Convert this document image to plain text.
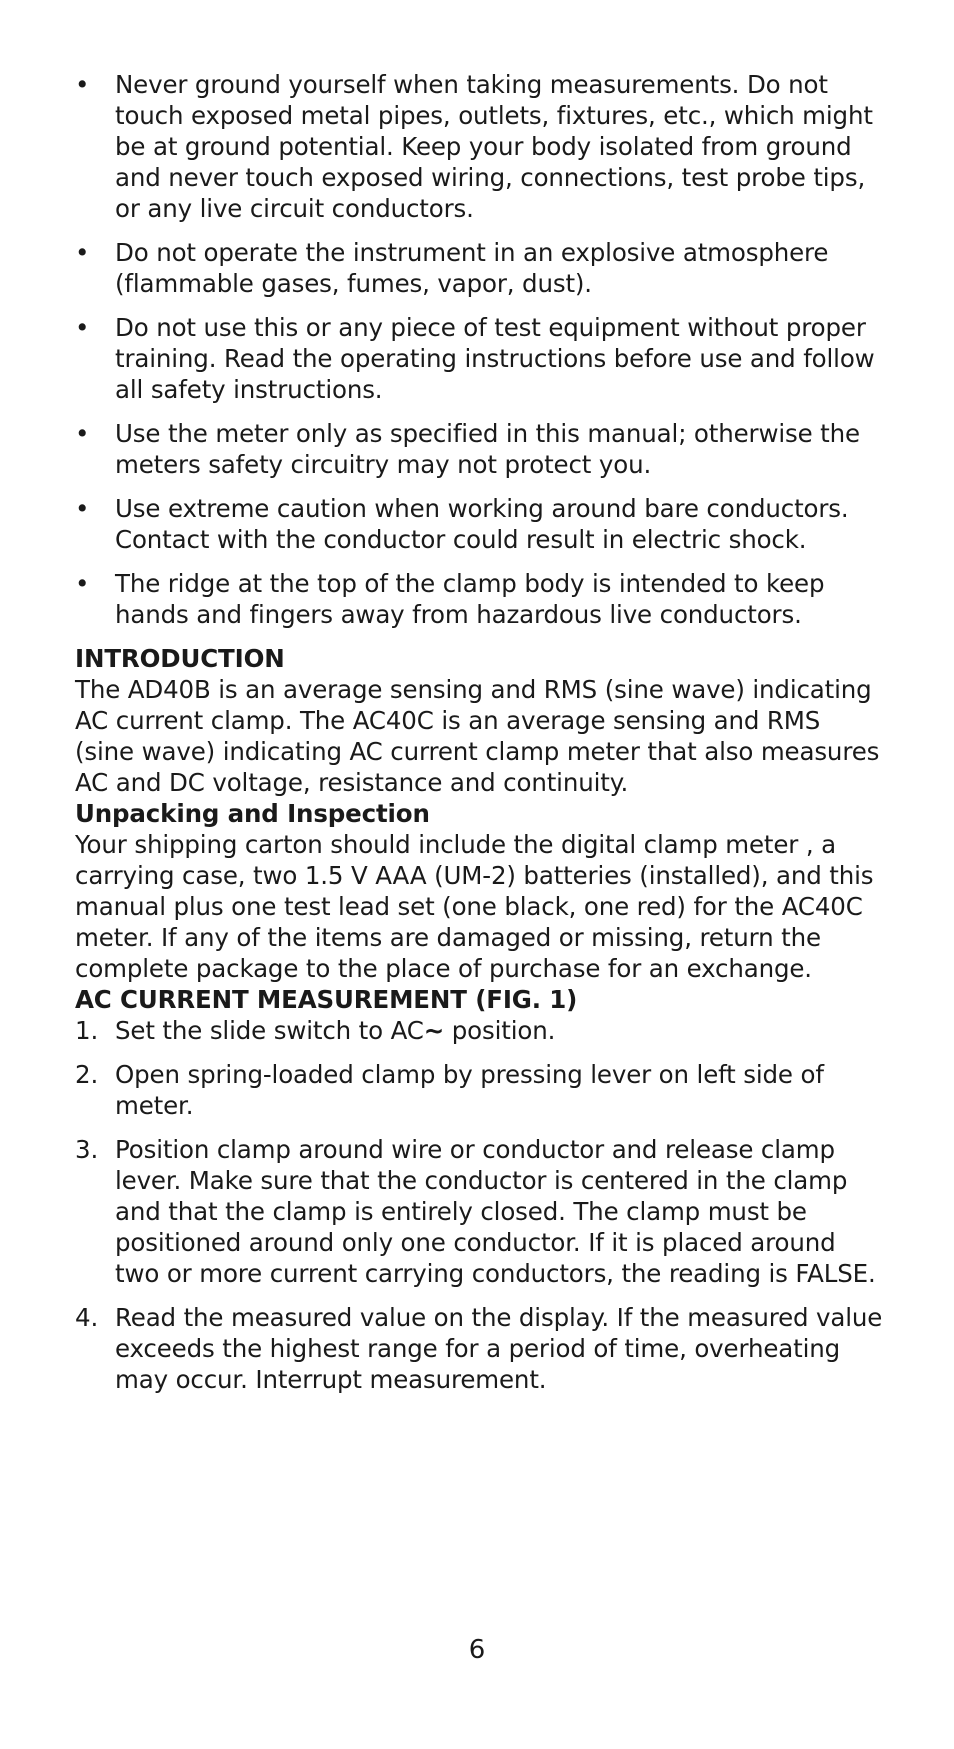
• Never ground yourself when taking measurements. Do not touch exposed metal pipes, outlets, fixtures, etc., which might be at ground potential. Keep your body isolated from ground and never touch exposed wiring, connections, test probe tips, or any live circuit conductors.
• Do not operate the instrument in an explosive atmosphere (flammable gases, fumes, vapor, dust).
• Do not use this or any piece of test equipment without proper training. Read the operating instructions before use and follow all safety instructions.
• Use the meter only as specified in this manual; otherwise the meters safety circuitry may not protect you.
• Use extreme caution when working around bare conductors. Contact with the conductor could result in electric shock.
• The ridge at the top of the clamp body is intended to keep hands and fingers away from hazardous live conductors.
INTRODUCTION

The AD40B is an average sensing and RMS (sine wave) indicating AC current clamp. The AC40C is an average sensing and RMS (sine wave) indicating AC current clamp meter that also measures AC and DC voltage, resistance and continuity.

Unpacking and Inspection

Your shipping carton should include the digital clamp meter , a carrying case, two 1.5 V AAA (UM-2) batteries (installed), and this manual plus one test lead set (one black, one red) for the AC40C meter. If any of the items are damaged or missing, return the complete package to the place of purchase for an exchange.

AC CURRENT MEASUREMENT (FIG. 1)
1. Set the slide switch to AC~ position.
2. Open spring-loaded clamp by pressing lever on left side of meter.
3. Position clamp around wire or conductor and release clamp lever. Make sure that the conductor is centered in the clamp and that the clamp is entirely closed. The clamp must be positioned around only one conductor. If it is placed around two or more current carrying conductors, the reading is FALSE.
4. Read the measured value on the display. If the measured value exceeds the highest range for a period of time, overheating may occur. Interrupt measurement.
6
